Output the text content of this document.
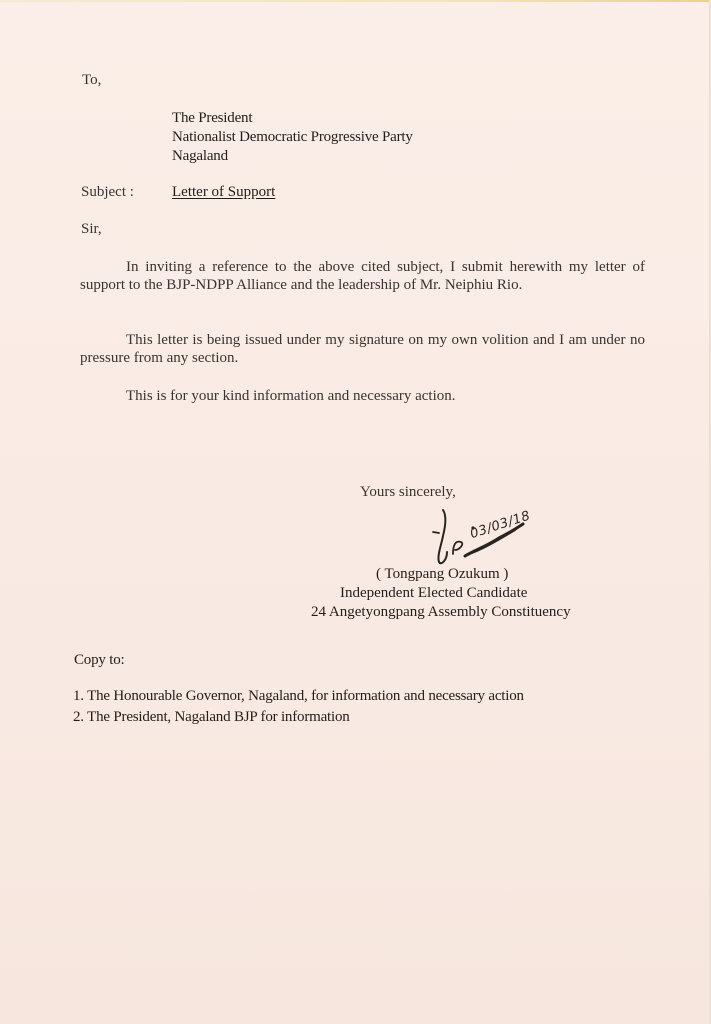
To,
The President
Nationalist Democratic Progressive Party
Nagaland
Subject :	Letter of Support
Sir,
In inviting a reference to the above cited subject, I submit herewith my letter of support to the BJP-NDPP Alliance and the leadership of Mr. Neiphiu Rio.
This letter is being issued under my signature on my own volition and I am under no pressure from any section.
This is for your kind information and necessary action.
Yours sincerely,
03/03/18
( Tongpang Ozukum )
Independent Elected Candidate
24 Angetyongpang Assembly Constituency
Copy to:
1. The Honourable Governor, Nagaland, for information and necessary action
2. The President, Nagaland BJP for information
